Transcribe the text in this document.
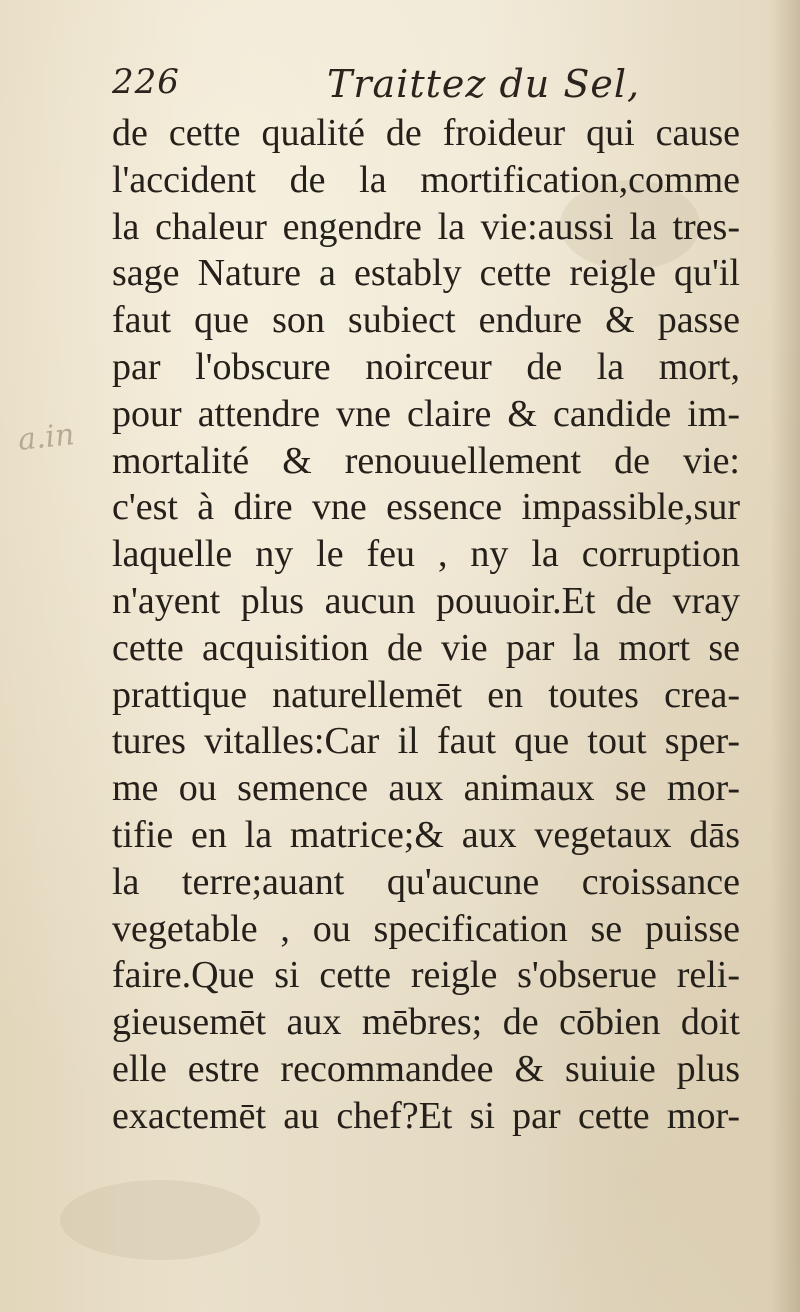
226	Traittez du Sel,
a.in
de cette qualité de froideur qui cause
l'accident de la mortification,comme
la chaleur engendre la vie:aussi la tres-
sage Nature a estably cette reigle qu'il
faut que son subiect endure & passe
par l'obscure noirceur de la mort,
pour attendre vne claire & candide im-
mortalité & renouuellement de vie:
c'est à dire vne essence impassible,sur
laquelle ny le feu , ny la corruption
n'ayent plus aucun pouuoir.Et de vray
cette acquisition de vie par la mort se
prattique naturellemēt en toutes crea-
tures vitalles:Car il faut que tout sper-
me ou semence aux animaux se mor-
tifie en la matrice;& aux vegetaux dās
la terre;auant qu'aucune croissance
vegetable , ou specification se puisse
faire.Que si cette reigle s'obserue reli-
gieusemēt aux mēbres; de cōbien doit
elle estre recommandee & suiuie plus
exactemēt au chef?Et si par cette mor-
